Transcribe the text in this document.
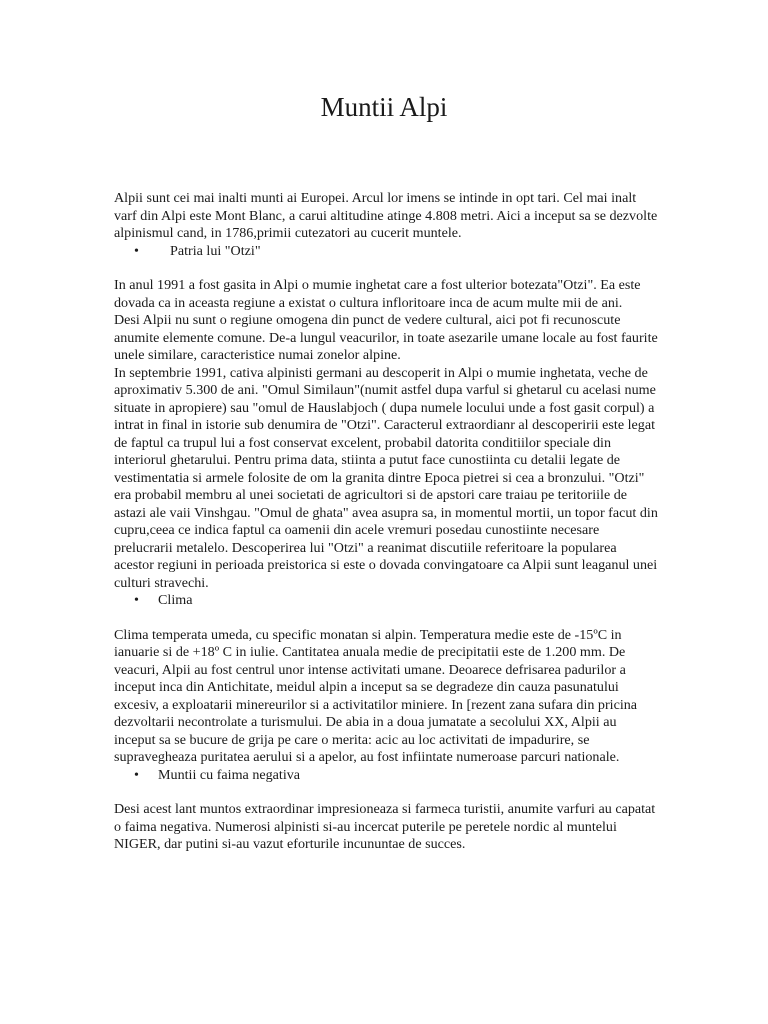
Muntii Alpi

Alpii sunt cei mai inalti munti ai Europei. Arcul lor imens se intinde in opt tari. Cel mai inalt varf din Alpi este Mont Blanc, a carui altitudine atinge 4.808 metri. Aici a inceput sa se dezvolte alpinismul cand, in 1786,primii cutezatori au cucerit muntele.

• Patria lui "Otzi"

In anul 1991 a fost gasita in Alpi o mumie inghetat care a fost ulterior botezata"Otzi". Ea este dovada ca in aceasta regiune a existat o cultura infloritoare inca de acum multe mii de ani.

Desi Alpii nu sunt o regiune omogena din punct de vedere cultural, aici pot fi recunoscute anumite elemente comune. De-a lungul veacurilor, in toate asezarile umane locale au fost faurite unele similare, caracteristice numai zonelor alpine.

In septembrie 1991, cativa alpinisti germani au descoperit in Alpi o mumie inghetata, veche de aproximativ 5.300 de ani. "Omul Similaun"(numit astfel dupa varful si ghetarul cu acelasi nume situate in apropiere) sau "omul de Hauslabjoch ( dupa numele locului unde a fost gasit corpul) a intrat in final in istorie sub denumira de "Otzi". Caracterul extraordianr al descoperirii este legat de faptul ca trupul lui a fost conservat excelent, probabil datorita conditiilor speciale din interiorul ghetarului. Pentru prima data, stiinta a putut face cunostiinta cu detalii legate de vestimentatia si armele folosite de om la granita dintre Epoca pietrei si cea a bronzului. "Otzi" era probabil membru al unei societati de agricultori si de apstori care traiau pe teritoriile de astazi ale vaii Vinshgau. "Omul de ghata" avea asupra sa, in momentul mortii, un topor facut din cupru,ceea ce indica faptul ca oamenii din acele vremuri posedau cunostiinte necesare prelucrarii metalelo. Descoperirea lui "Otzi" a reanimat discutiile referitoare la popularea acestor regiuni in perioada preistorica si este o dovada convingatoare ca Alpii sunt leaganul unei culturi stravechi.

• Clima

Clima temperata umeda, cu specific monatan si alpin. Temperatura medie este de -15ºC in ianuarie si de +18º C in iulie. Cantitatea anuala medie de precipitatii este de 1.200 mm. De veacuri, Alpii au fost centrul unor intense activitati umane. Deoarece defrisarea padurilor a inceput inca din Antichitate, meidul alpin a inceput sa se degradeze din cauza pasunatului excesiv, a exploatarii minereurilor si a activitatilor miniere. In [rezent zana sufara din pricina dezvoltarii necontrolate a turismului. De abia in a doua jumatate a secolului XX, Alpii au inceput sa se bucure de grija pe care o merita: acic au loc activitati de impadurire, se supravegheaza puritatea aerului si a apelor, au fost infiintate numeroase parcuri nationale.

• Muntii cu faima negativa

Desi acest lant muntos extraordinar impresioneaza si farmeca turistii, anumite varfuri au capatat o faima negativa. Numerosi alpinisti si-au incercat puterile pe peretele nordic al muntelui NIGER, dar putini si-au vazut eforturile incununtae de succes.
